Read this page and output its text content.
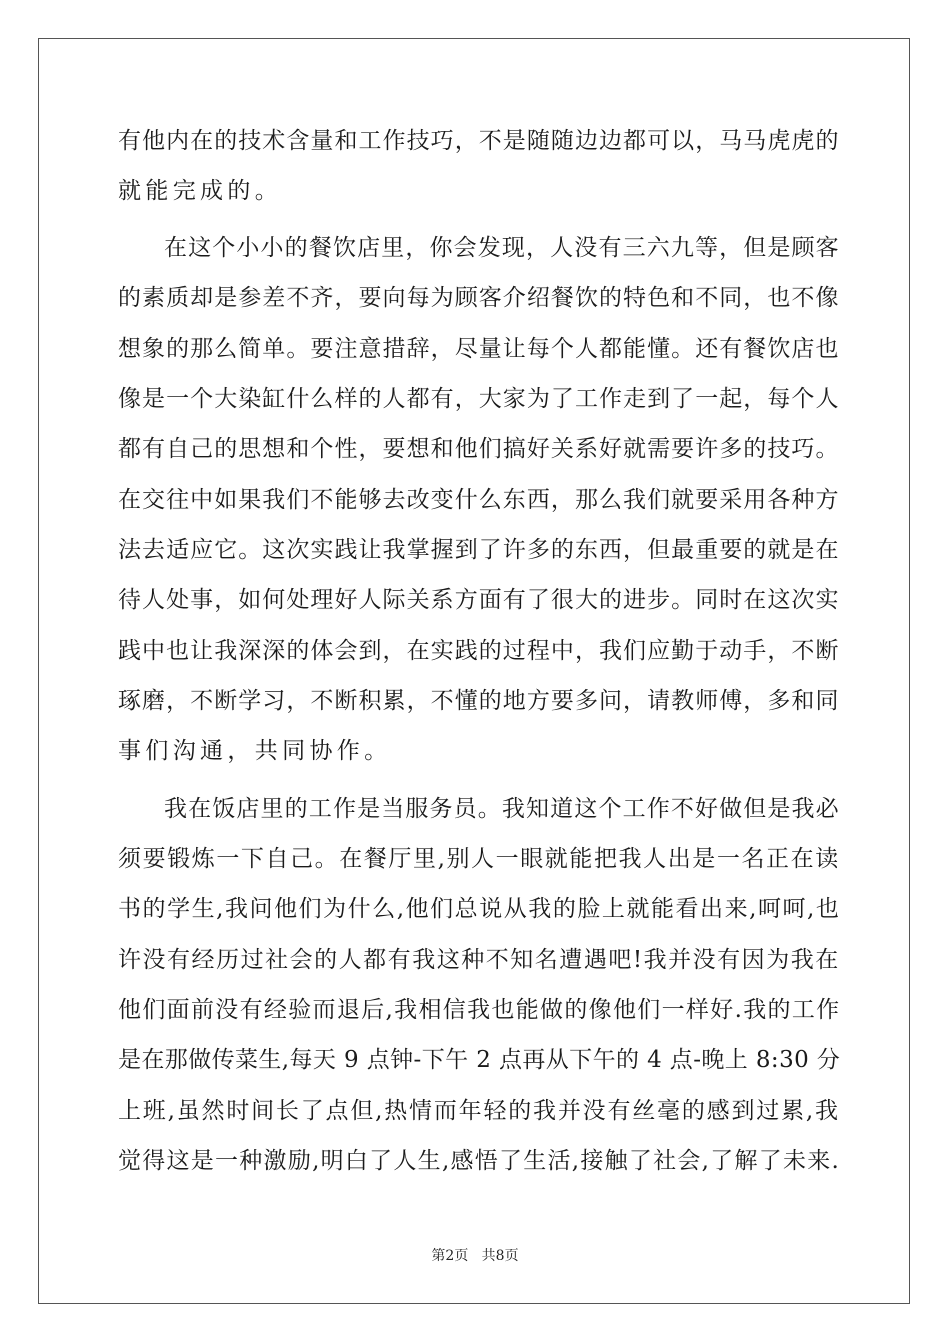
有他内在的技术含量和工作技巧，不是随随边边都可以，马马虎虎的
就能完成的。
在这个小小的餐饮店里，你会发现，人没有三六九等，但是顾客
的素质却是参差不齐，要向每为顾客介绍餐饮的特色和不同，也不像
想象的那么简单。要注意措辞，尽量让每个人都能懂。还有餐饮店也
像是一个大染缸什么样的人都有，大家为了工作走到了一起，每个人
都有自己的思想和个性，要想和他们搞好关系好就需要许多的技巧。
在交往中如果我们不能够去改变什么东西，那么我们就要采用各种方
法去适应它。这次实践让我掌握到了许多的东西，但最重要的就是在
待人处事，如何处理好人际关系方面有了很大的进步。同时在这次实
践中也让我深深的体会到，在实践的过程中，我们应勤于动手，不断
琢磨，不断学习，不断积累，不懂的地方要多问，请教师傅，多和同
事们沟通，共同协作。
我在饭店里的工作是当服务员。我知道这个工作不好做但是我必
须要锻炼一下自己。在餐厅里,别人一眼就能把我人出是一名正在读
书的学生,我问他们为什么,他们总说从我的脸上就能看出来,呵呵,也
许没有经历过社会的人都有我这种不知名遭遇吧!我并没有因为我在
他们面前没有经验而退后,我相信我也能做的像他们一样好.我的工作
是在那做传菜生,每天 9 点钟-下午 2 点再从下午的 4 点-晚上 8:30 分
上班,虽然时间长了点但,热情而年轻的我并没有丝毫的感到过累,我
觉得这是一种激励,明白了人生,感悟了生活,接触了社会,了解了未来.
第2页   共8页
